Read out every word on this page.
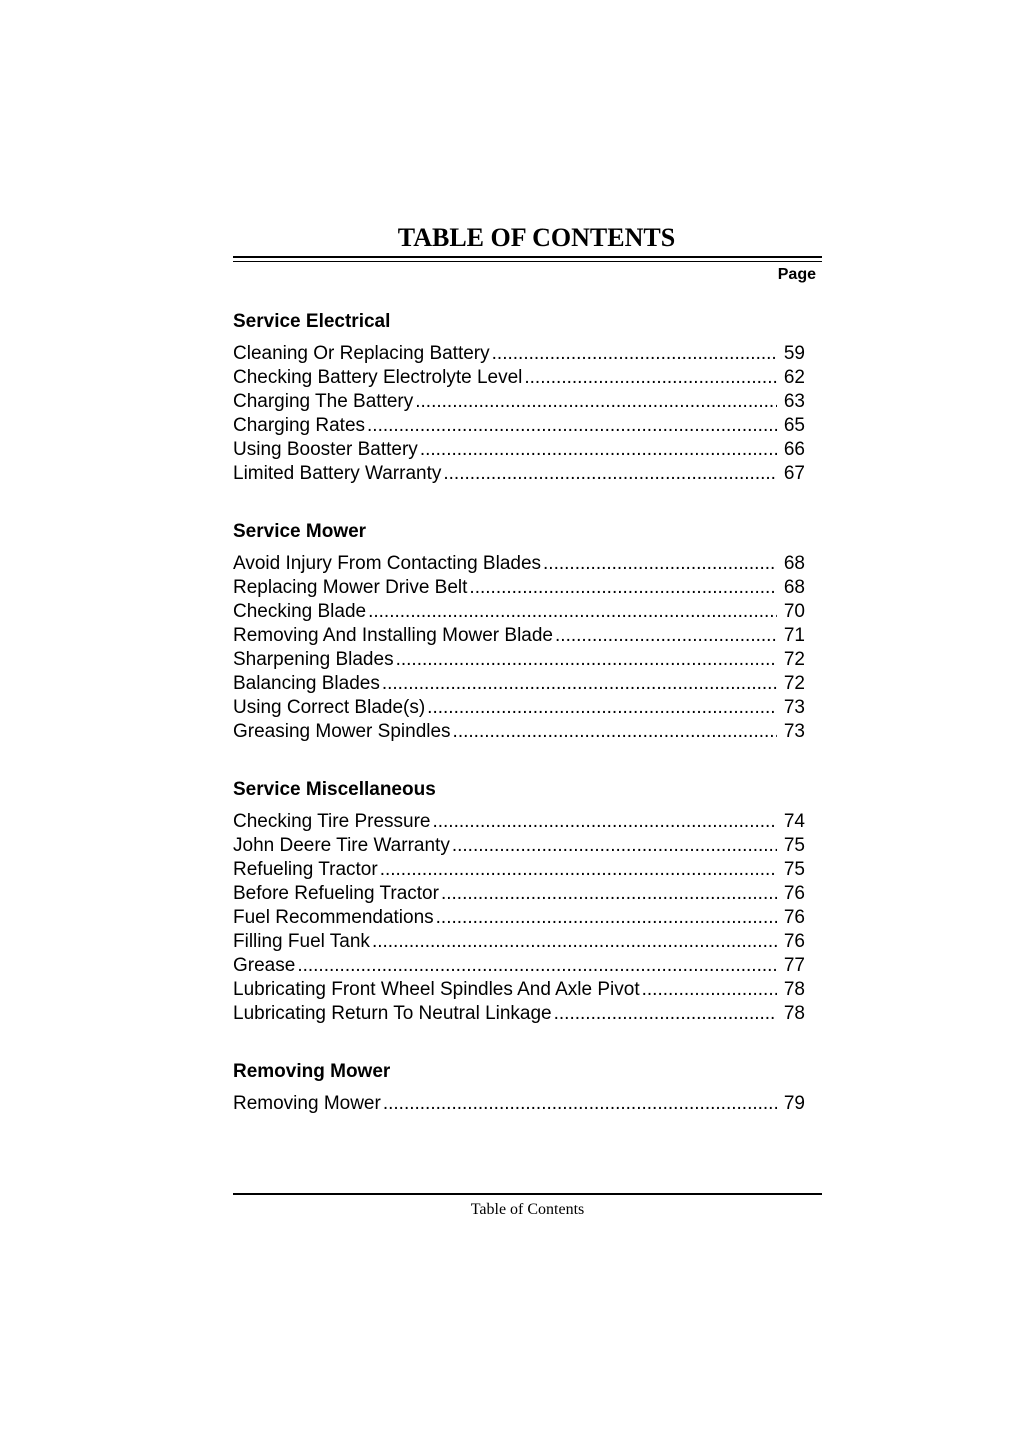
TABLE OF CONTENTS
Page
Service Electrical
Cleaning Or Replacing Battery .....	59
Checking Battery Electrolyte Level .....	62
Charging The Battery .....	63
Charging Rates .....	65
Using Booster Battery .....	66
Limited Battery Warranty .....	67
Service Mower
Avoid Injury From Contacting Blades .....	68
Replacing Mower Drive Belt .....	68
Checking Blade .....	70
Removing And Installing Mower Blade .....	71
Sharpening Blades .....	72
Balancing Blades .....	72
Using Correct Blade(s) .....	73
Greasing Mower Spindles .....	73
Service Miscellaneous
Checking Tire Pressure .....	74
John Deere Tire Warranty .....	75
Refueling Tractor .....	75
Before Refueling Tractor .....	76
Fuel Recommendations .....	76
Filling Fuel Tank .....	76
Grease .....	77
Lubricating Front Wheel Spindles And Axle Pivot .....	78
Lubricating Return To Neutral Linkage .....	78
Removing Mower
Removing Mower .....	79
Table of Contents
